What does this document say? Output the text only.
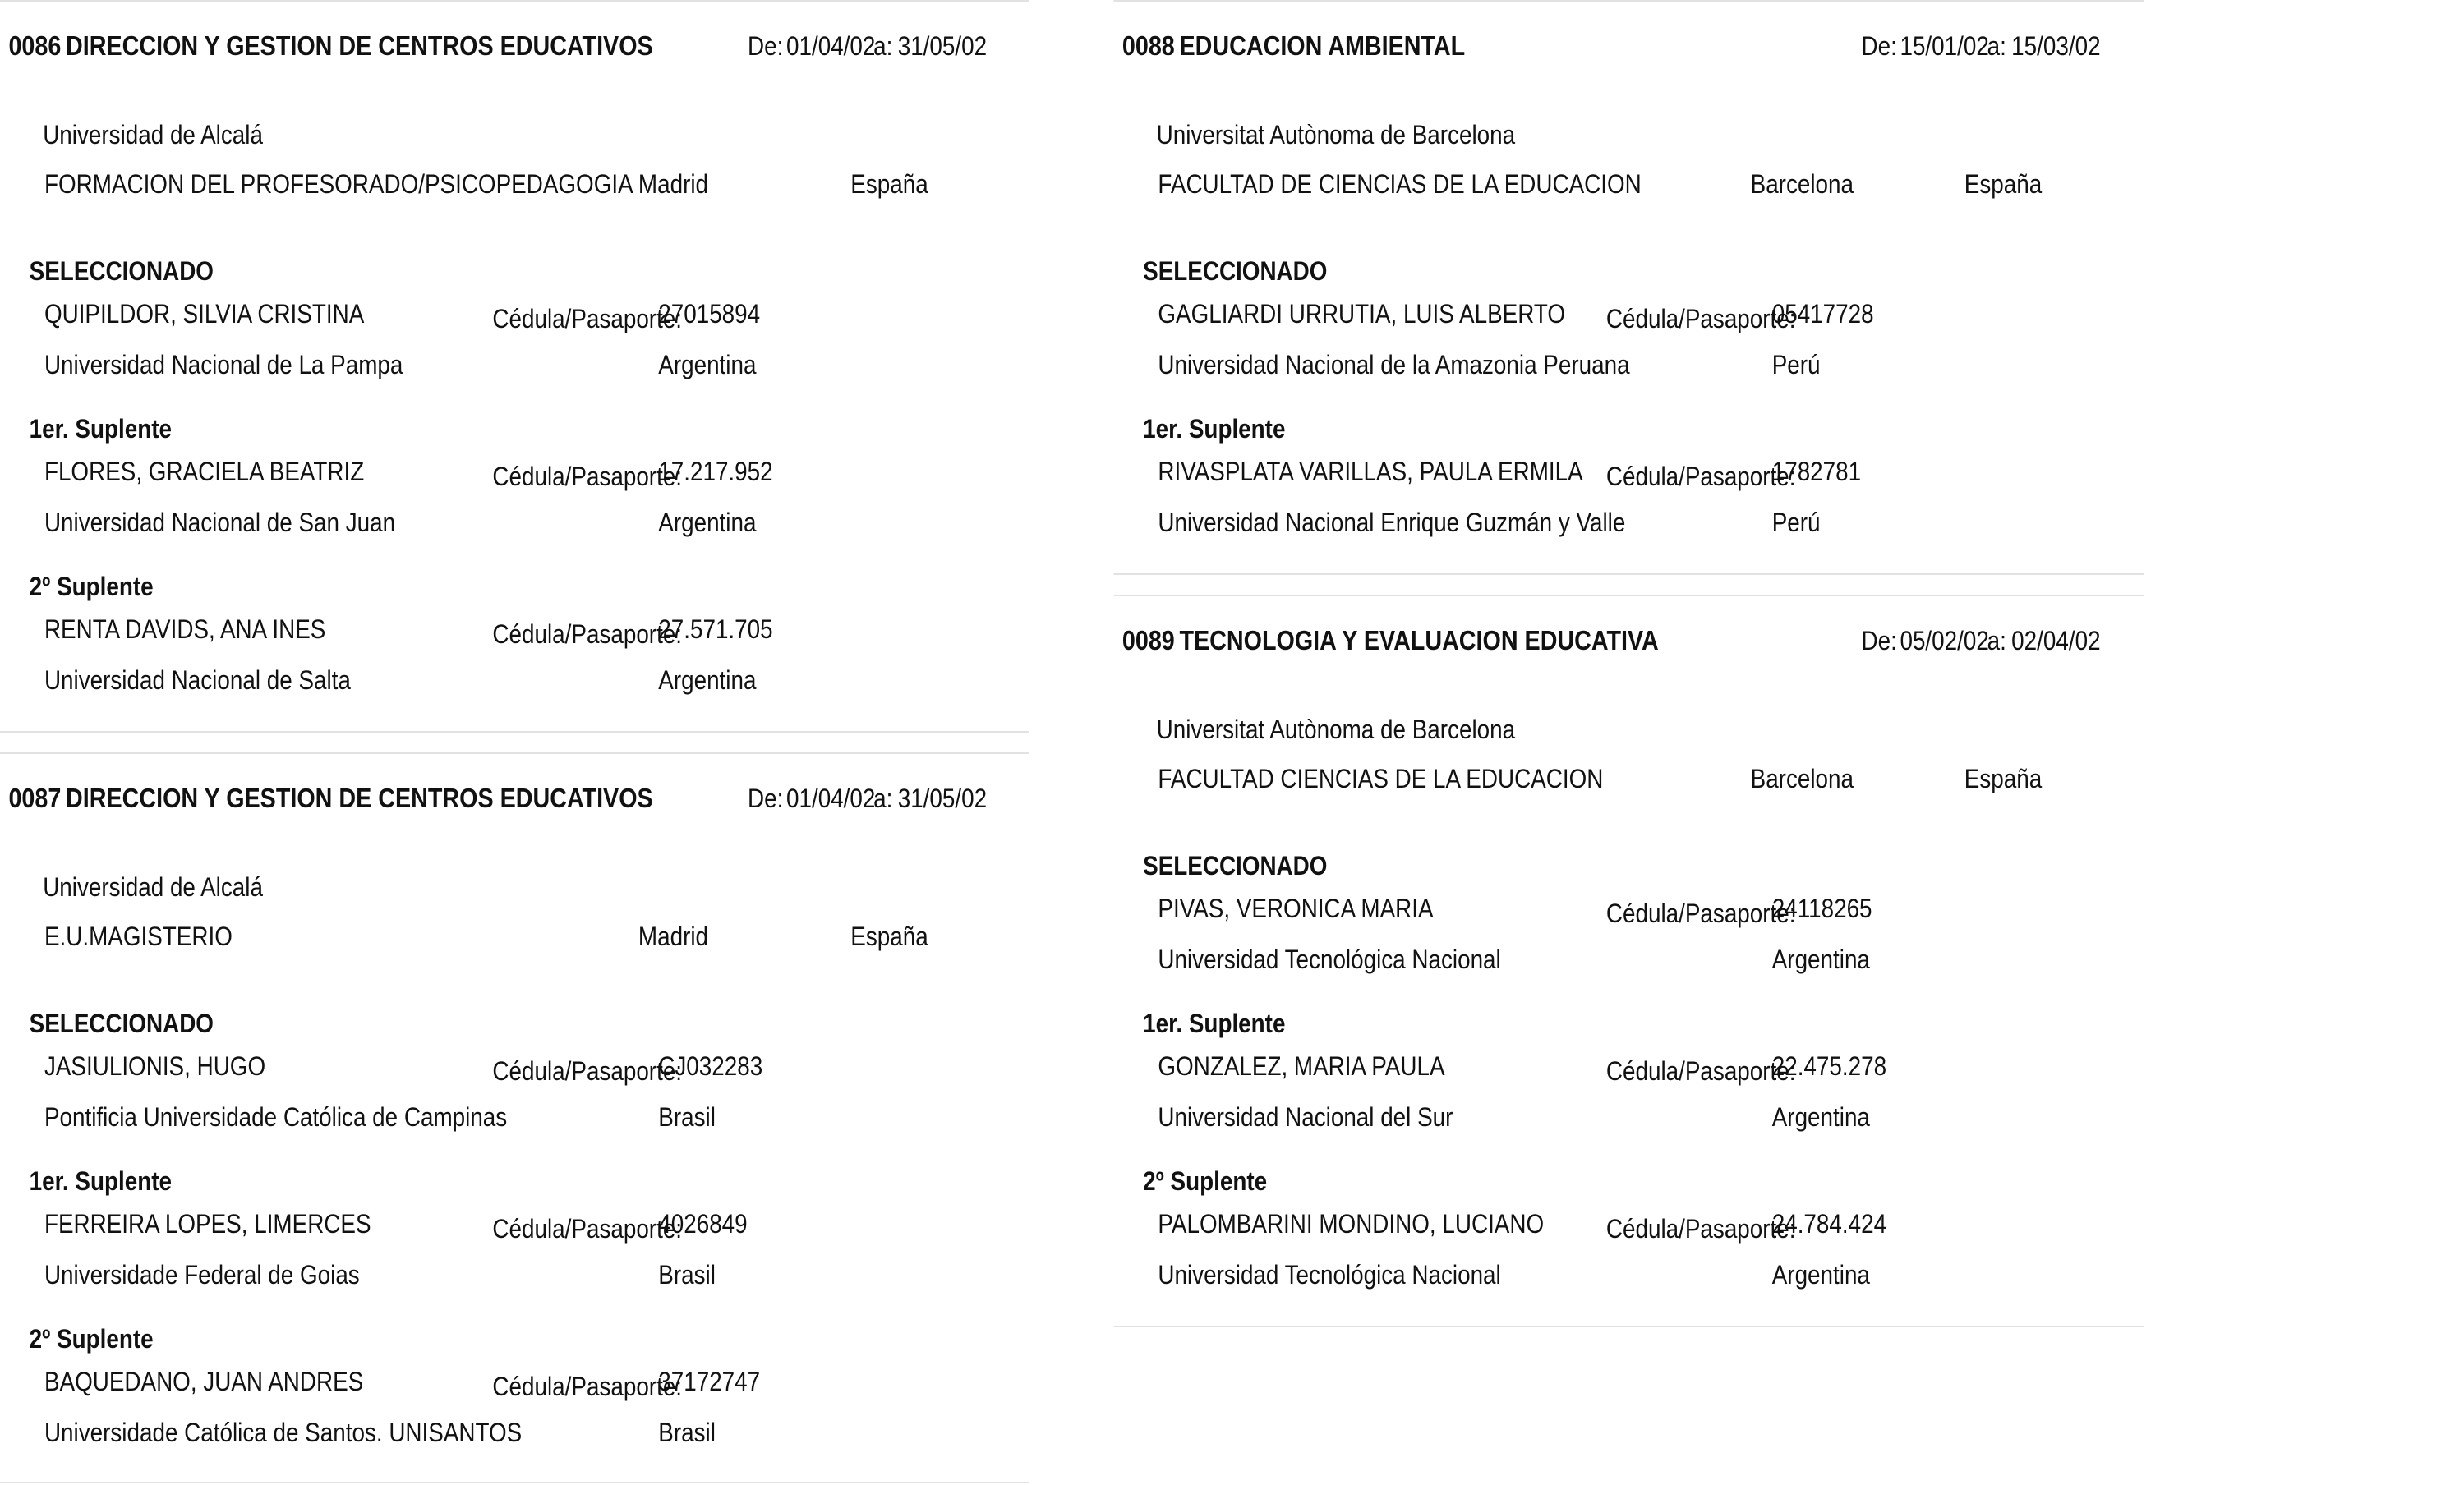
0086 DIRECCION Y GESTION DE CENTROS EDUCATIVOS	De: 01/04/02
a: 31/05/02
Universidad de Alcalá
FORMACION DEL PROFESORADO/PSICOPEDAGOGIA Madrid	España
SELECCIONADO
QUIPILDOR, SILVIA CRISTINA	Cédula/Pasaporte:
27015894
Universidad Nacional de La Pampa	Argentina
1er. Suplente
FLORES, GRACIELA BEATRIZ	Cédula/Pasaporte:
17.217.952
Universidad Nacional de San Juan	Argentina
2º Suplente
RENTA DAVIDS, ANA INES	Cédula/Pasaporte:
27.571.705
Universidad Nacional de Salta	Argentina
0087 DIRECCION Y GESTION DE CENTROS EDUCATIVOS	De: 01/04/02
a: 31/05/02
Universidad de Alcalá
E.U.MAGISTERIO	Madrid	España
SELECCIONADO
JASIULIONIS, HUGO	Cédula/Pasaporte:
CJ032283
Pontificia Universidade Católica de Campinas	Brasil
1er. Suplente
FERREIRA LOPES, LIMERCES	Cédula/Pasaporte:
4026849
Universidade Federal de Goias	Brasil
2º Suplente
BAQUEDANO, JUAN ANDRES	Cédula/Pasaporte:
37172747
Universidade Católica de Santos. UNISANTOS	Brasil
0088 EDUCACION AMBIENTAL	De: 15/01/02
a: 15/03/02
Universitat Autònoma de Barcelona
FACULTAD DE CIENCIAS DE LA EDUCACION	Barcelona	España
SELECCIONADO
GAGLIARDI URRUTIA, LUIS ALBERTO Cédula/Pasaporte:
05417728
Universidad Nacional de la Amazonia Peruana	Perú
1er. Suplente
RIVASPLATA VARILLAS, PAULA ERMILA Cédula/Pasaporte:
1782781
Universidad Nacional Enrique Guzmán y Valle	Perú
0089 TECNOLOGIA Y EVALUACION EDUCATIVA	De: 05/02/02
a: 02/04/02
Universitat Autònoma de Barcelona
FACULTAD CIENCIAS DE LA EDUCACION	Barcelona	España
SELECCIONADO
PIVAS, VERONICA MARIA	Cédula/Pasaporte:
24118265
Universidad Tecnológica Nacional	Argentina
1er. Suplente
GONZALEZ, MARIA PAULA	Cédula/Pasaporte:
22.475.278
Universidad Nacional del Sur	Argentina
2º Suplente
PALOMBARINI MONDINO, LUCIANO Cédula/Pasaporte:
24.784.424
Universidad Tecnológica Nacional	Argentina
